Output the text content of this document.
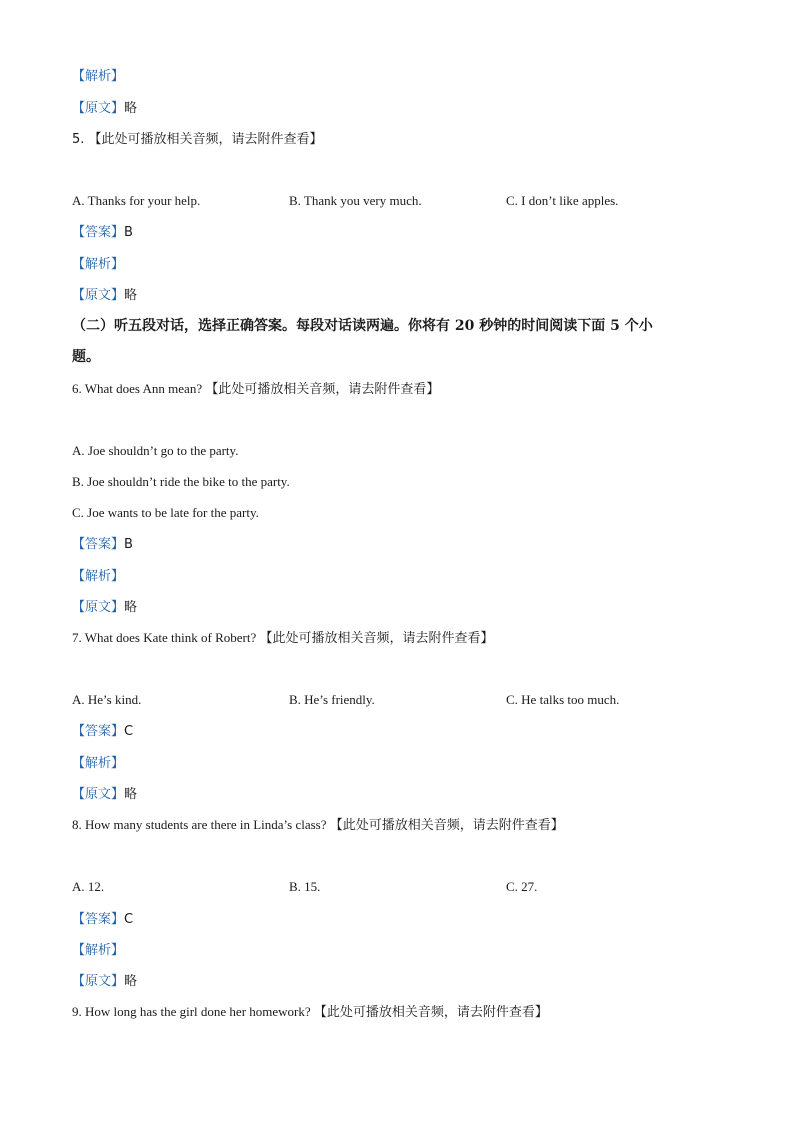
【解析】
【原文】略
5. 【此处可播放相关音频，请去附件查看】
A. Thanks for your help.	B. Thank you very much.	C. I don’t like apples.
【答案】B
【解析】
【原文】略
（二）听五段对话，选择正确答案。每段对话读两遍。你将有 20 秒钟的时间阅读下面 5 个小
题。
6. What does Ann mean? 【此处可播放相关音频，请去附件查看】
A. Joe shouldn’t go to the party.
B. Joe shouldn’t ride the bike to the party.
C. Joe wants to be late for the party.
【答案】B
【解析】
【原文】略
7. What does Kate think of Robert? 【此处可播放相关音频，请去附件查看】
A. He’s kind.	B. He’s friendly.	C. He talks too much.
【答案】C
【解析】
【原文】略
8. How many students are there in Linda’s class? 【此处可播放相关音频，请去附件查看】
A. 12.	B. 15.	C. 27.
【答案】C
【解析】
【原文】略
9. How long has the girl done her homework? 【此处可播放相关音频，请去附件查看】
